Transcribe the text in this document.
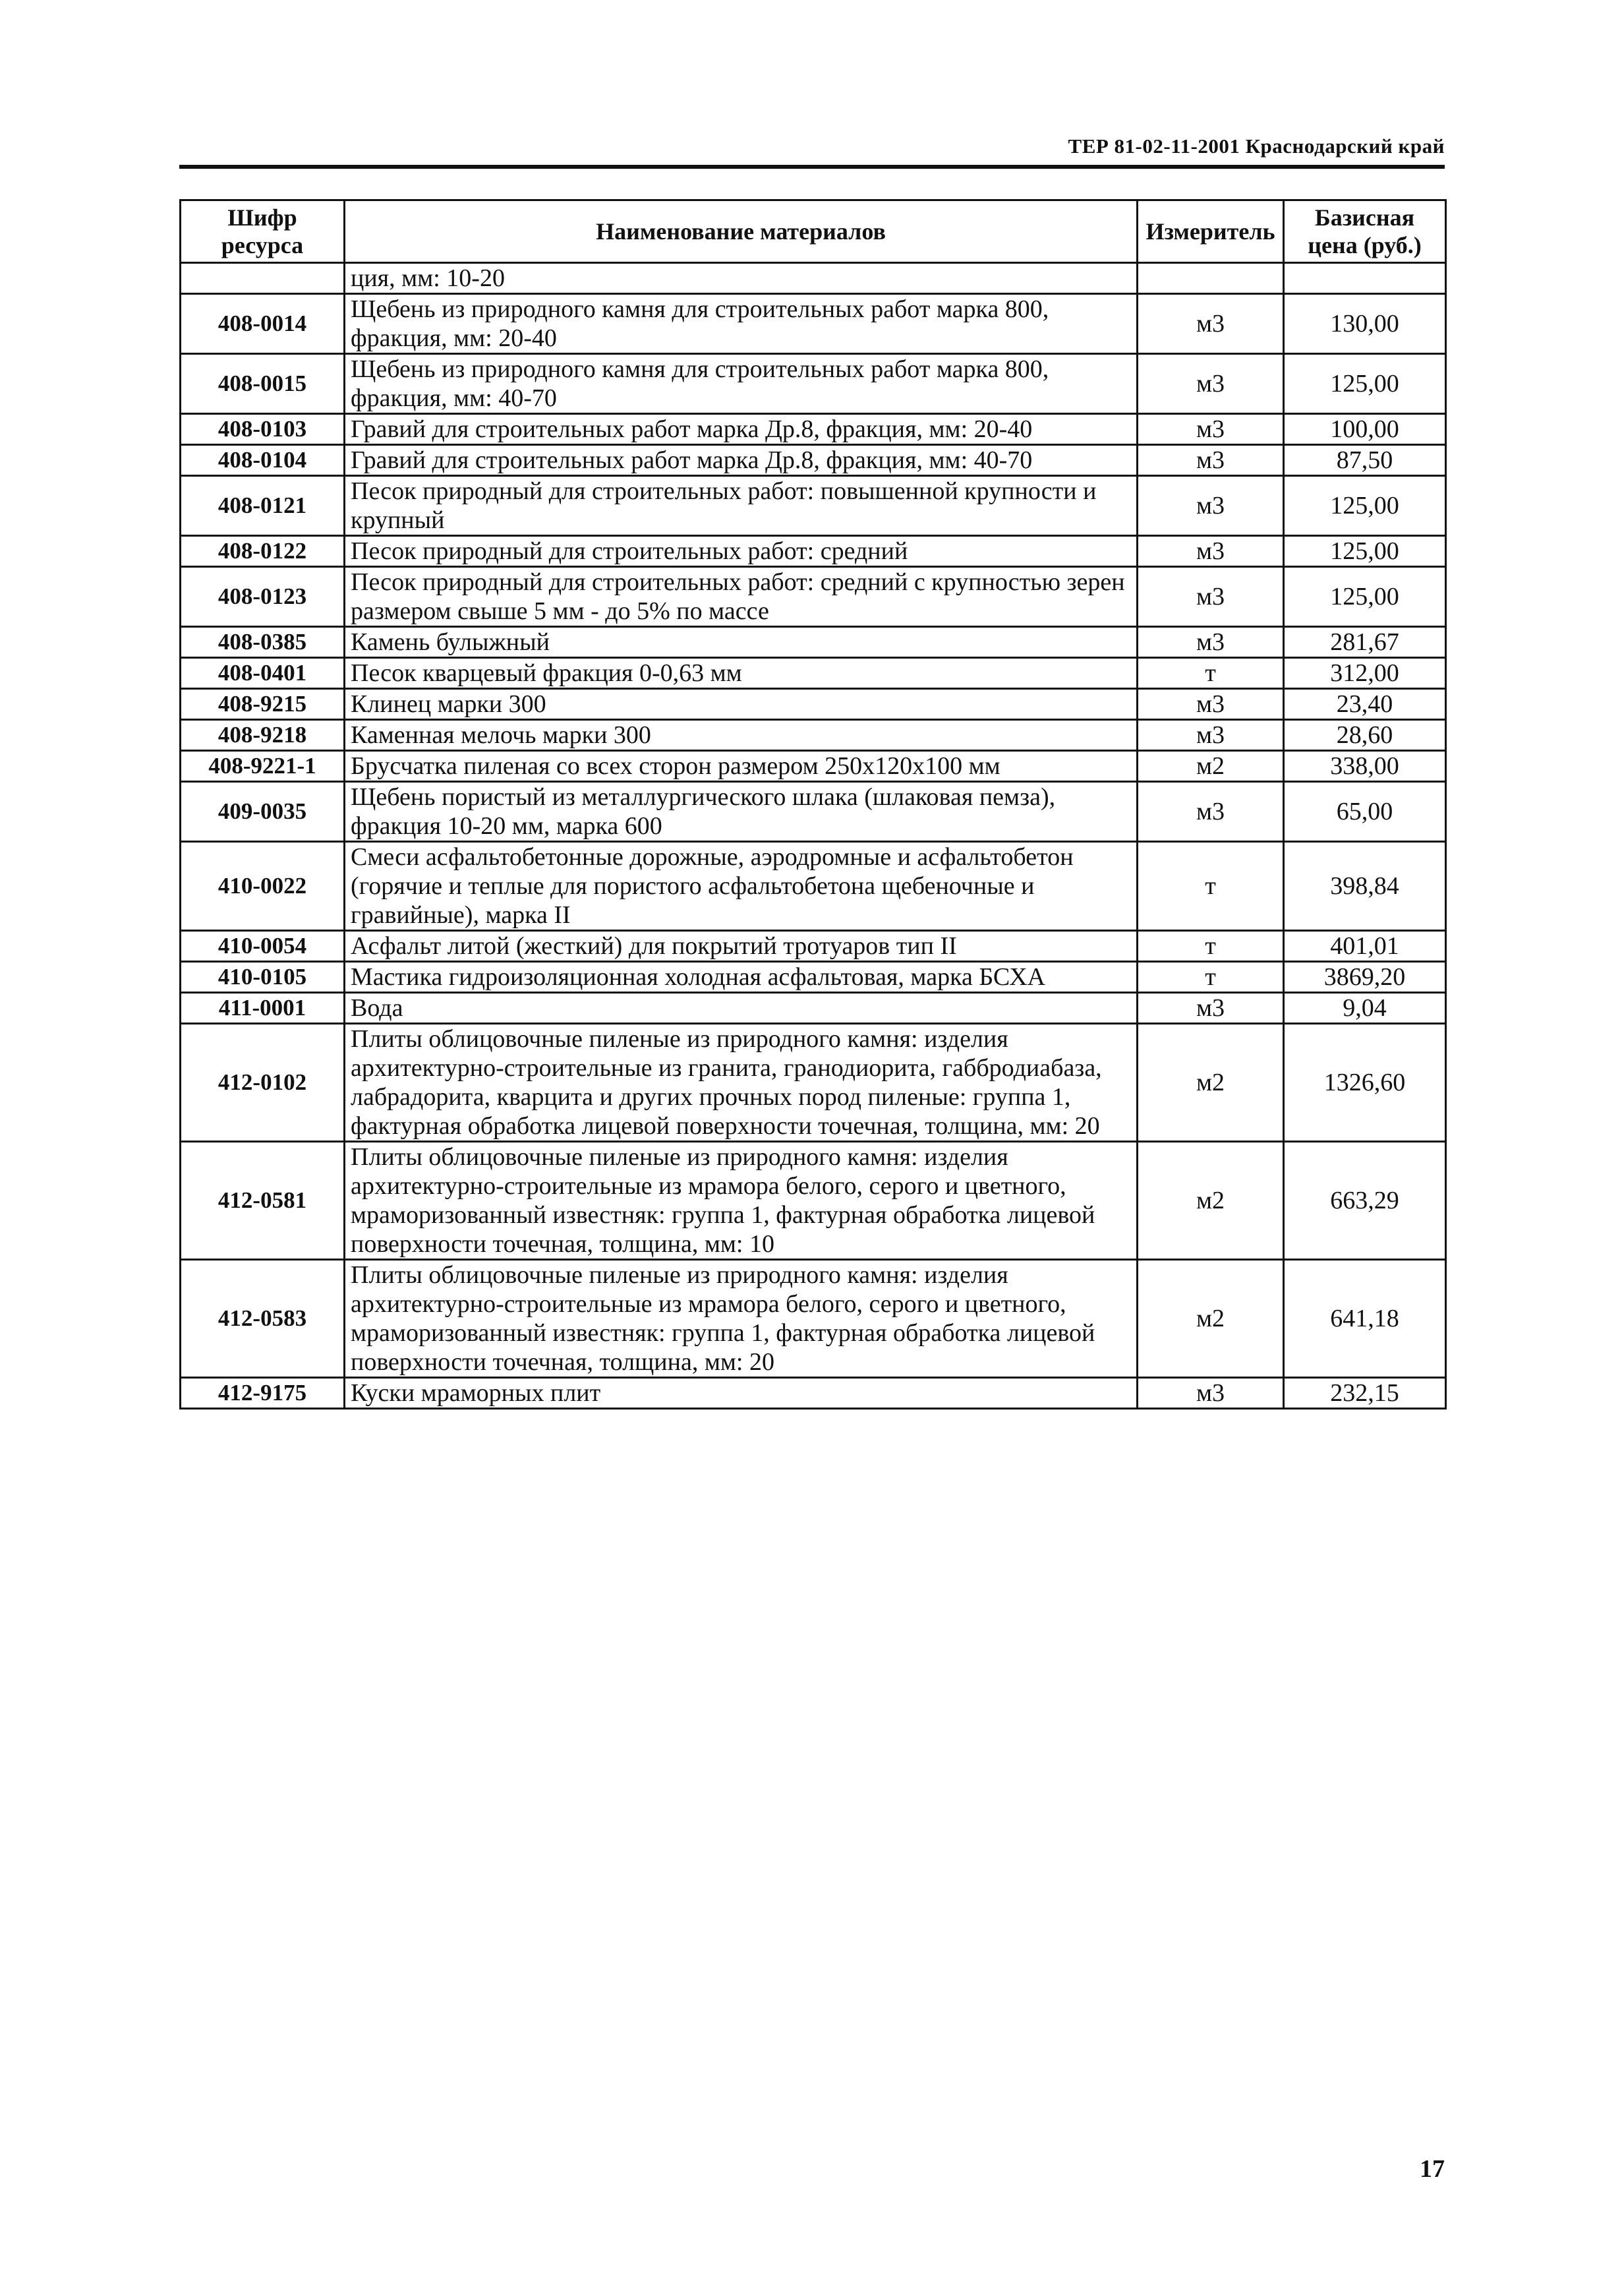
ТЕР 81-02-11-2001 Краснодарский край
Шифр ресурса	Наименование материалов	Измеритель	Базисная цена (руб.)
	ция, мм: 10-20		
408-0014	Щебень из природного камня для строительных работ марка 800, фракция, мм: 20-40	м3	130,00
408-0015	Щебень из природного камня для строительных работ марка 800, фракция, мм: 40-70	м3	125,00
408-0103	Гравий для строительных работ марка Др.8, фракция, мм: 20-40	м3	100,00
408-0104	Гравий для строительных работ марка Др.8, фракция, мм: 40-70	м3	87,50
408-0121	Песок природный для строительных работ: повышенной крупности и крупный	м3	125,00
408-0122	Песок природный для строительных работ: средний	м3	125,00
408-0123	Песок природный для строительных работ: средний с крупностью зерен размером свыше 5 мм - до 5% по массе	м3	125,00
408-0385	Камень булыжный	м3	281,67
408-0401	Песок кварцевый фракция 0-0,63 мм	т	312,00
408-9215	Клинец марки 300	м3	23,40
408-9218	Каменная мелочь марки 300	м3	28,60
408-9221-1	Брусчатка пиленая со всех сторон размером 250х120х100 мм	м2	338,00
409-0035	Щебень пористый из металлургического шлака (шлаковая пемза), фракция 10-20 мм, марка 600	м3	65,00
410-0022	Смеси асфальтобетонные дорожные, аэродромные и асфальтобетон (горячие и теплые для пористого асфальтобетона щебеночные и гравийные), марка II	т	398,84
410-0054	Асфальт литой (жесткий) для покрытий тротуаров тип II	т	401,01
410-0105	Мастика гидроизоляционная холодная асфальтовая, марка БСХА	т	3869,20
411-0001	Вода	м3	9,04
412-0102	Плиты облицовочные пиленые из природного камня: изделия архитектурно-строительные из гранита, гранодиорита, габбродиабаза, лабрадорита, кварцита и других прочных пород пиленые: группа 1, фактурная обработка лицевой поверхности точечная, толщина, мм: 20	м2	1326,60
412-0581	Плиты облицовочные пиленые из природного камня: изделия архитектурно-строительные из мрамора белого, серого и цветного, мраморизованный известняк: группа 1, фактурная обработка лицевой поверхности точечная, толщина, мм: 10	м2	663,29
412-0583	Плиты облицовочные пиленые из природного камня: изделия архитектурно-строительные из мрамора белого, серого и цветного, мраморизованный известняк: группа 1, фактурная обработка лицевой поверхности точечная, толщина, мм: 20	м2	641,18
412-9175	Куски мраморных плит	м3	232,15
17
